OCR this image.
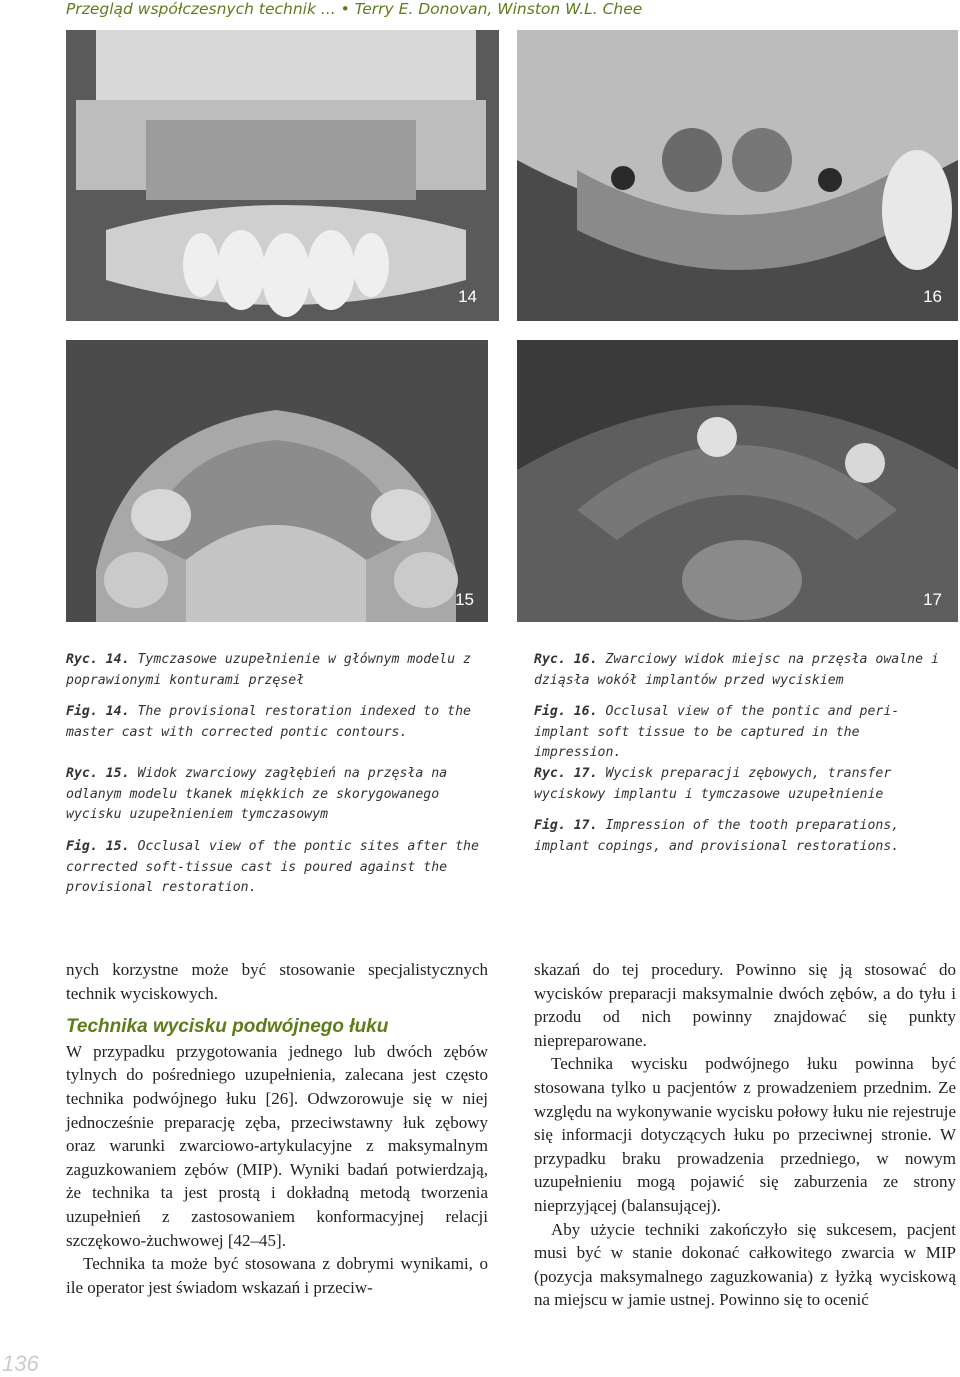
Przegląd współczesnych technik ... • Terry E. Donovan, Winston W.L. Chee
14	16
15	17
Ryc. 14. Tymczasowe uzupełnienie w głównym modelu z poprawionymi konturami przęseł
Fig. 14. The provisional restoration indexed to the master cast with corrected pontic contours.
Ryc. 15. Widok zwarciowy zagłębień na przęsła na odlanym modelu tkanek miękkich ze skorygowanego wycisku uzupełnieniem tymczasowym
Fig. 15. Occlusal view of the pontic sites after the corrected soft-tissue cast is poured against the provisional restoration.
Ryc. 16. Zwarciowy widok miejsc na przęsła owalne i dziąsła wokół implantów przed wyciskiem
Fig. 16. Occlusal view of the pontic and peri-implant soft tissue to be captured in the impression.
Ryc. 17. Wycisk preparacji zębowych, transfer wyciskowy implantu i tymczasowe uzupełnienie
Fig. 17. Impression of the tooth preparations, implant copings, and provisional restorations.

nych korzystne może być stosowanie specjalistycznych technik wyciskowych.

Technika wycisku podwójnego łuku

W przypadku przygotowania jednego lub dwóch zębów tylnych do pośredniego uzupełnienia, zalecana jest często technika podwójnego łuku [26]. Odwzorowuje się w niej jednocześnie preparację zęba, przeciwstawny łuk zębowy oraz warunki zwarciowo-artykulacyjne z maksymalnym zaguzkowaniem zębów (MIP). Wyniki badań potwierdzają, że technika ta jest prostą i dokładną metodą tworzenia uzupełnień z zastosowaniem konformacyjnej relacji szczękowo-żuchwowej [42–45].

Technika ta może być stosowana z dobrymi wynikami, o ile operator jest świadom wskazań i przeciw-

skazań do tej procedury. Powinno się ją stosować do wycisków preparacji maksymalnie dwóch zębów, a do tyłu i przodu od nich powinny znajdować się punkty niepreparowane.

Technika wycisku podwójnego łuku powinna być stosowana tylko u pacjentów z prowadzeniem przednim. Ze względu na wykonywanie wycisku połowy łuku nie rejestruje się informacji dotyczących łuku po przeciwnej stronie. W przypadku braku prowadzenia przedniego, w nowym uzupełnieniu mogą pojawić się zaburzenia ze strony nieprzyjącej (balansującej).

Aby użycie techniki zakończyło się sukcesem, pacjent musi być w stanie dokonać całkowitego zwarcia w MIP (pozycja maksymalnego zaguzkowania) z łyżką wyciskową na miejscu w jamie ustnej. Powinno się to ocenić

136
